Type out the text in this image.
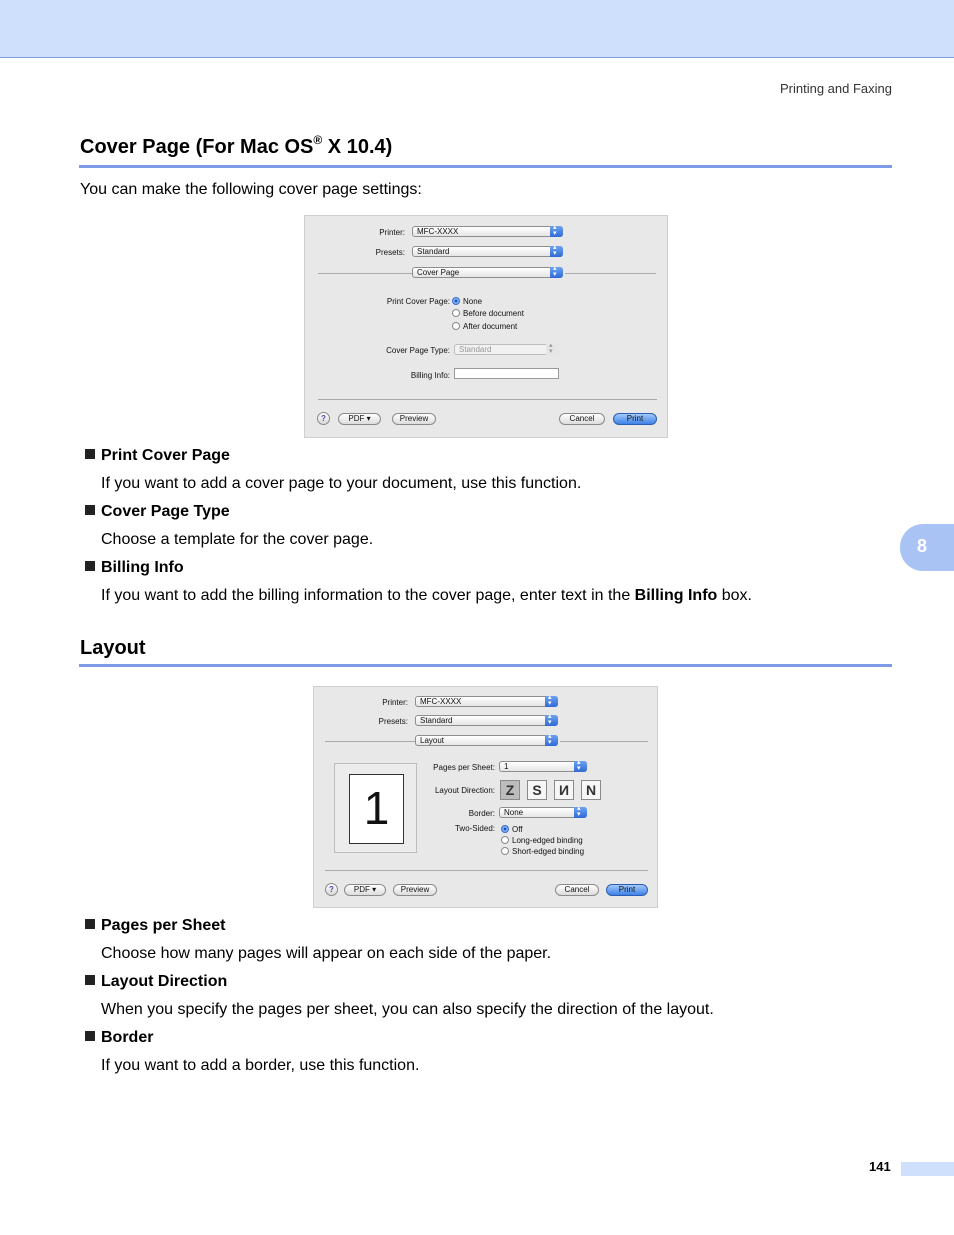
Printing and Faxing
Cover Page (For Mac OS® X 10.4)
You can make the following cover page settings:
Printer:	MFC-XXXX
▴ ▾
Presets:	Standard
▴ ▾
Cover Page
▴ ▾
Print Cover Page:	None
Before document
After document
Cover Page Type:	Standard
▴ ▾
Billing Info:
?	PDF ▾	Preview	Cancel	Print
Print Cover Page
If you want to add a cover page to your document, use this function.
Cover Page Type
Choose a template for the cover page.
Billing Info
If you want to add the billing information to the cover page, enter text in the Billing Info box.
8
Layout
Printer:	MFC-XXXX
▴ ▾
Presets:	Standard
▴ ▾
Layout
▴ ▾
1
Pages per Sheet:	1
▴ ▾
Layout Direction: Z	S	И	N
Border:	None
▴ ▾
Two-Sided:	Off
Long-edged binding
Short-edged binding
?	PDF ▾	Preview	Cancel	Print
Pages per Sheet
Choose how many pages will appear on each side of the paper.
Layout Direction
When you specify the pages per sheet, you can also specify the direction of the layout.
Border
If you want to add a border, use this function.
141
